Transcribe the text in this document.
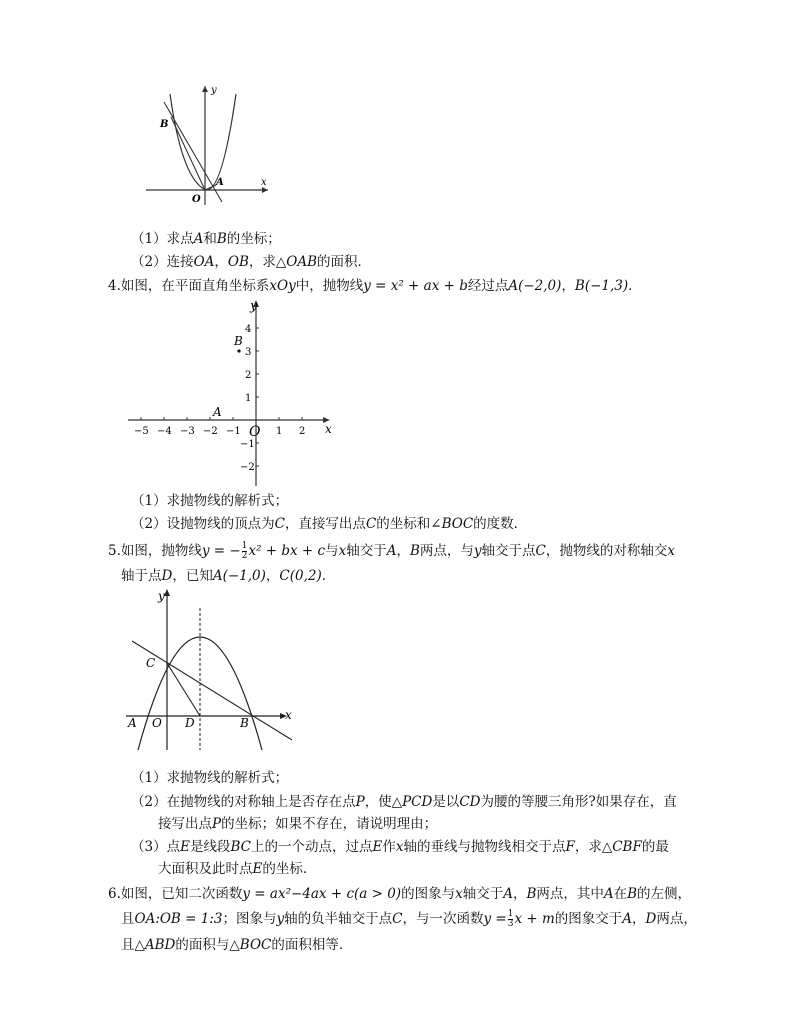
y
x
B
A
O
（1）求点A和B的坐标；
（2）连接OA，OB，求△OAB的面积．
4.如图，在平面直角坐标系xOy中，抛物线y = x² + ax + b经过点A(−2,0)，B(−1,3)．
−5 −4 −3 −2 −1	1 2
4
3
2
1
−1
−2
O	x
y
B
A
（1）求抛物线的解析式；
（2）设抛物线的顶点为C，直接写出点C的坐标和∠BOC的度数．
5.如图，抛物线y = − $\frac{1}{2} x^2$ + bx + c与x轴交于A，B两点，与y轴交于点C，抛物线的对称轴交x
轴于点D，已知A(−1,0)，C(0,2)．
y
x
C
A O D	B
（1）求抛物线的解析式；
（2）在抛物线的对称轴上是否存在点P，使△PCD是以CD为腰的等腰三角形?如果存在，直
接写出点P的坐标；如果不存在，请说明理由；
（3）点E是线段BC上的一个动点，过点E作x轴的垂线与抛物线相交于点F，求△CBF的最
大面积及此时点E的坐标．
6.如图，已知二次函数y = ax²−4ax + c(a > 0)的图象与x轴交于A，B两点，其中A在B的左侧，
且OA:OB = 1:3；图象与y轴的负半轴交于点C，与一次函数$y = \frac{1}{3}$ x + m的图象交于A，D两点，
且△ABD的面积与△BOC的面积相等．
